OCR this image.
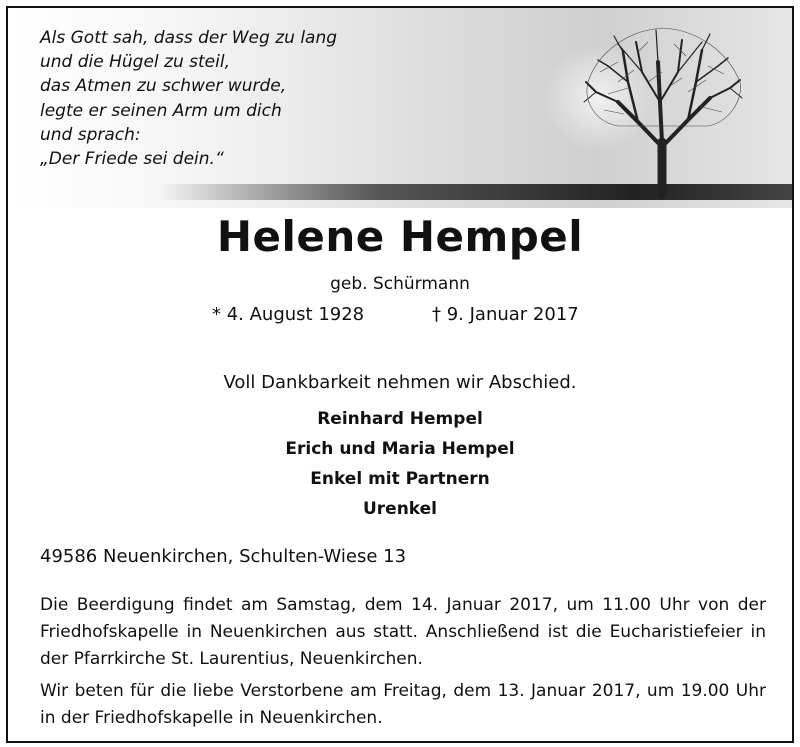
Als Gott sah, dass der Weg zu lang
und die Hügel zu steil,
das Atmen zu schwer wurde,
legte er seinen Arm um dich
und sprach:
„Der Friede sei dein.“
Helene Hempel
geb. Schürmann
* 4. August 1928	† 9. Januar 2017
Voll Dankbarkeit nehmen wir Abschied.
Reinhard Hempel
Erich und Maria Hempel
Enkel mit Partnern
Urenkel
49586 Neuenkirchen, Schulten-Wiese 13

Die Beerdigung findet am Samstag, dem 14. Januar 2017, um 11.00 Uhr von der Friedhofskapelle in Neuenkirchen aus statt. Anschließend ist die Eucharistiefeier in der Pfarrkirche St. Laurentius, Neuenkirchen.

Wir beten für die liebe Verstorbene am Freitag, dem 13. Januar 2017, um 19.00 Uhr in der Friedhofskapelle in Neuenkirchen.
